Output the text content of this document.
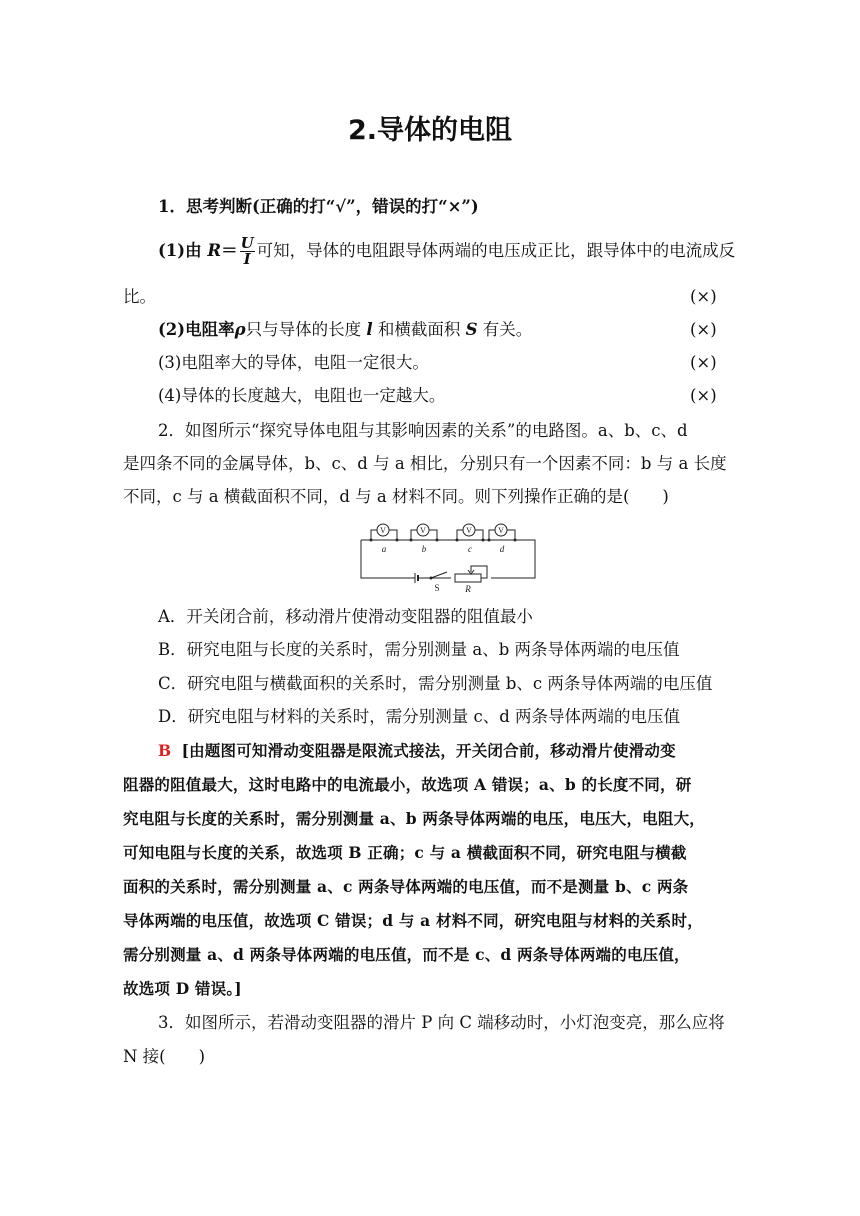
2.导体的电阻
1．思考判断(正确的打“√”，错误的打“×”)
(1)由 $R= \frac{U}{I}$ 可知，导体的电阻跟导体两端的电压成正比，跟导体中的电流成反
比。	(×)
(2)电阻率ρ只与导体的长度 l 和横截面积 S 有关。	(×)
(3)电阻率大的导体，电阻一定很大。	(×)
(4)导体的长度越大，电阻也一定越大。	(×)
2．如图所示“探究导体电阻与其影响因素的关系”的电路图。a、b、c、d
是四条不同的金属导体，b、c、d 与 a 相比，分别只有一个因素不同：b 与 a 长度
不同，c 与 a 横截面积不同，d 与 a 材料不同。则下列操作正确的是(　　)
V	V	V	V
a	b	c	d
S	R
A．开关闭合前，移动滑片使滑动变阻器的阻值最小
B．研究电阻与长度的关系时，需分别测量 a、b 两条导体两端的电压值
C．研究电阻与横截面积的关系时，需分别测量 b、c 两条导体两端的电压值
D．研究电阻与材料的关系时，需分别测量 c、d 两条导体两端的电压值
B [由题图可知滑动变阻器是限流式接法，开关闭合前，移动滑片使滑动变
阻器的阻值最大，这时电路中的电流最小，故选项 A 错误；a、b 的长度不同，研
究电阻与长度的关系时，需分别测量 a、b 两条导体两端的电压，电压大，电阻大，
可知电阻与长度的关系，故选项 B 正确；c 与 a 横截面积不同，研究电阻与横截
面积的关系时，需分别测量 a、c 两条导体两端的电压值，而不是测量 b、c 两条
导体两端的电压值，故选项 C 错误；d 与 a 材料不同，研究电阻与材料的关系时，
需分别测量 a、d 两条导体两端的电压值，而不是 c、d 两条导体两端的电压值，
故选项 D 错误。]
3．如图所示，若滑动变阻器的滑片 P 向 C 端移动时，小灯泡变亮，那么应将
N 接(　　)
